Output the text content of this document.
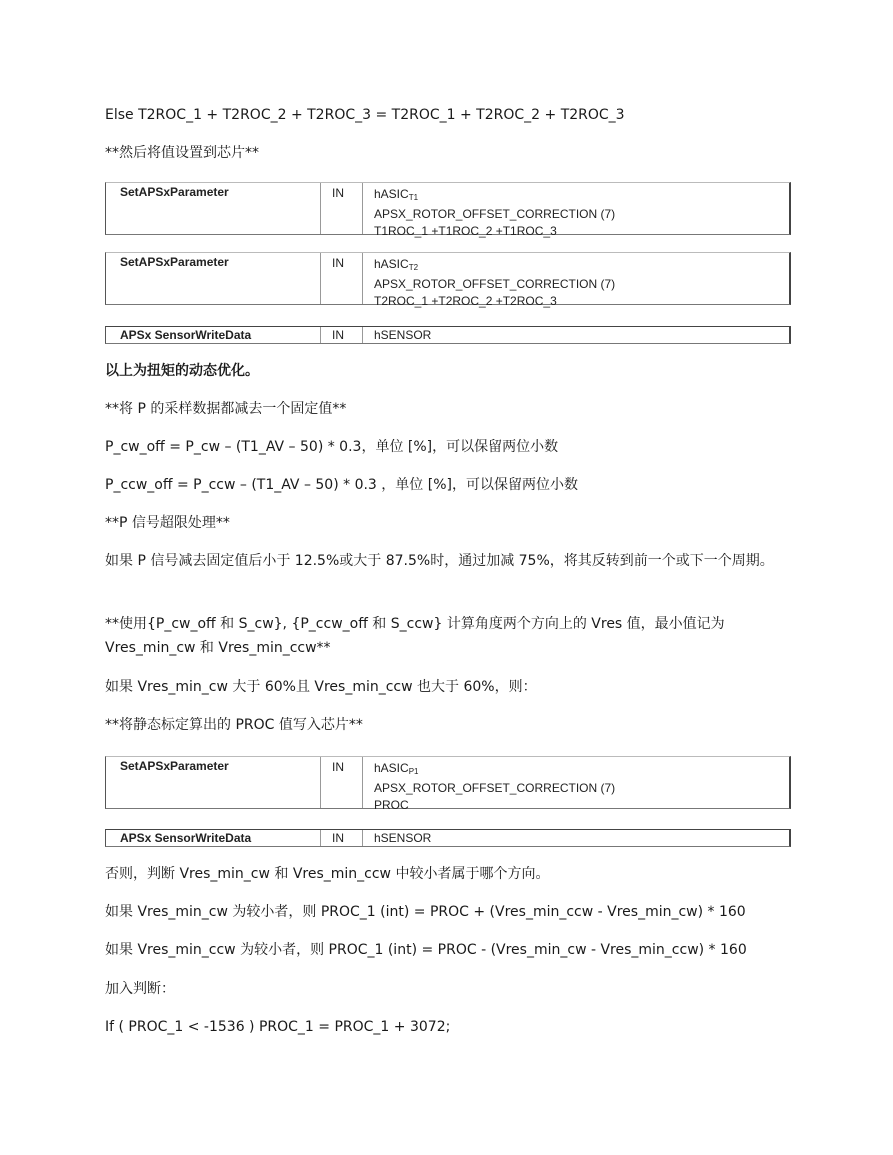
Else T2ROC_1 + T2ROC_2 + T2ROC_3 = T2ROC_1 + T2ROC_2 + T2ROC_3
**然后将值设置到芯片**
SetAPSxParameter	IN	hASIC$_{T1}$
APSX_ROTOR_OFFSET_CORRECTION (7)
T1ROC_1 +T1ROC_2 +T1ROC_3
SetAPSxParameter	IN	hASIC$_{T2}$
APSX_ROTOR_OFFSET_CORRECTION (7)
T2ROC_1 +T2ROC_2 +T2ROC_3
APSx SensorWriteData	IN	hSENSOR
以上为扭矩的动态优化。
**将 P 的采样数据都减去一个固定值**
P_cw_off = P_cw – (T1_AV – 50) * 0.3，单位 [%]，可以保留两位小数
P_ccw_off = P_ccw – (T1_AV – 50) * 0.3 ，单位 [%]，可以保留两位小数
**P 信号超限处理**
如果 P 信号减去固定值后小于 12.5%或大于 87.5%时，通过加减 75%，将其反转到前一个或下一个周期。
**使用{P_cw_off 和 S_cw}, {P_ccw_off 和 S_ccw} 计算角度两个方向上的 Vres 值，最小值记为 Vres_min_cw 和 Vres_min_ccw**
如果 Vres_min_cw 大于 60%且 Vres_min_ccw 也大于 60%，则：
**将静态标定算出的 PROC 值写入芯片**
SetAPSxParameter	IN	hASIC$_{P1}$
APSX_ROTOR_OFFSET_CORRECTION (7)
PROC
APSx SensorWriteData	IN	hSENSOR
否则，判断 Vres_min_cw 和 Vres_min_ccw 中较小者属于哪个方向。
如果 Vres_min_cw 为较小者，则 PROC_1 (int) = PROC + (Vres_min_ccw - Vres_min_cw) * 160
如果 Vres_min_ccw 为较小者，则 PROC_1 (int) = PROC - (Vres_min_cw - Vres_min_ccw) * 160
加入判断：
If ( PROC_1 < -1536 ) PROC_1 = PROC_1 + 3072;
